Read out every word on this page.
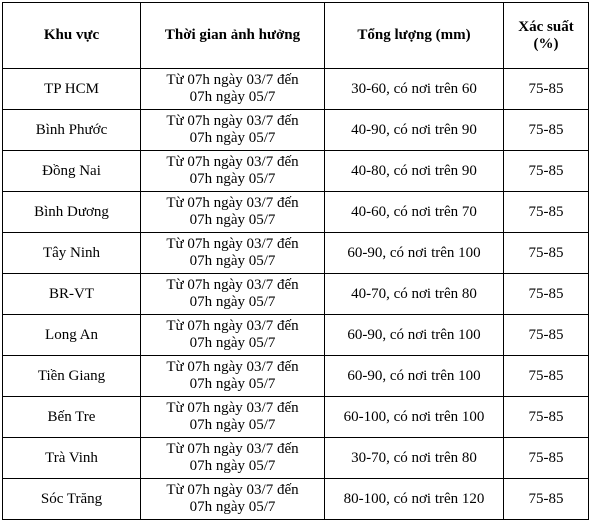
Khu vực	Thời gian ảnh hưởng	Tổng lượng (mm)	Xác suất
(%)

TP HCM	Từ 07h ngày 03/7 đến
07h ngày 05/7	30-60, có nơi trên 60	75-85
Bình Phước	Từ 07h ngày 03/7 đến
07h ngày 05/7	40-90, có nơi trên 90	75-85
Đồng Nai	Từ 07h ngày 03/7 đến
07h ngày 05/7	40-80, có nơi trên 90	75-85
Bình Dương	Từ 07h ngày 03/7 đến
07h ngày 05/7	40-60, có nơi trên 70	75-85
Tây Ninh	Từ 07h ngày 03/7 đến
07h ngày 05/7	60-90, có nơi trên 100	75-85
BR-VT	Từ 07h ngày 03/7 đến
07h ngày 05/7	40-70, có nơi trên 80	75-85
Long An	Từ 07h ngày 03/7 đến
07h ngày 05/7	60-90, có nơi trên 100	75-85
Tiền Giang	Từ 07h ngày 03/7 đến
07h ngày 05/7	60-90, có nơi trên 100	75-85
Bến Tre	Từ 07h ngày 03/7 đến
07h ngày 05/7	60-100, có nơi trên 100	75-85
Trà Vinh	Từ 07h ngày 03/7 đến
07h ngày 05/7	30-70, có nơi trên 80	75-85
Sóc Trăng	Từ 07h ngày 03/7 đến
07h ngày 05/7	80-100, có nơi trên 120	75-85
